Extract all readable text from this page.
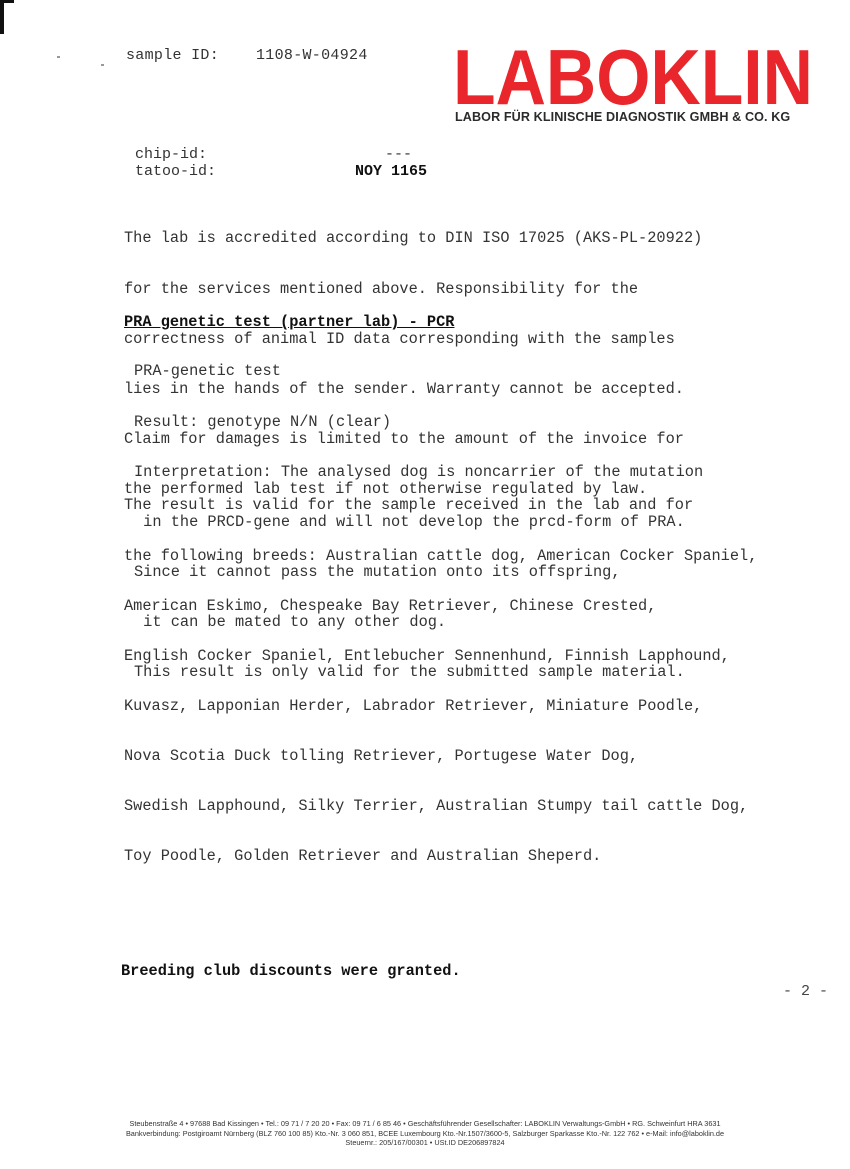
sample ID: 1108-W-04924 LABOKLIN
LABOR FÜR KLINISCHE DIAGNOSTIK GMBH & CO. KG
chip-id:	---
tatoo-id:	NOY 1165

The lab is accredited according to DIN ISO 17025 (AKS-PL-20922)

for the services mentioned above. Responsibility for the

correctness of animal ID data corresponding with the samples

lies in the hands of the sender. Warranty cannot be accepted.

Claim for damages is limited to the amount of the invoice for

the performed lab test if not otherwise regulated by law.

PRA genetic test (partner lab) - PCR

PRA-genetic test

Result: genotype N/N (clear)

Interpretation: The analysed dog is noncarrier of the mutation

in the PRCD-gene and will not develop the prcd-form of PRA.

Since it cannot pass the mutation onto its offspring,

it can be mated to any other dog.

This result is only valid for the submitted sample material.

The result is valid for the sample received in the lab and for

the following breeds: Australian cattle dog, American Cocker Spaniel,

American Eskimo, Chespeake Bay Retriever, Chinese Crested,

English Cocker Spaniel, Entlebucher Sennenhund, Finnish Lapphound,

Kuvasz, Lapponian Herder, Labrador Retriever, Miniature Poodle,

Nova Scotia Duck tolling Retriever, Portugese Water Dog,

Swedish Lapphound, Silky Terrier, Australian Stumpy tail cattle Dog,

Toy Poodle, Golden Retriever and Australian Sheperd.

Breeding club discounts were granted.
- 2 -
Steubenstraße 4 • 97688 Bad Kissingen • Tel.: 09 71 / 7 20 20 • Fax: 09 71 / 6 85 46 • Geschäftsführender Gesellschafter: LABOKLIN Verwaltungs-GmbH • RG. Schweinfurt HRA 3631
Bankverbindung: Postgiroamt Nürnberg (BLZ 760 100 85) Kto.-Nr. 3 060 851, BCEE Luxembourg Kto.-Nr.1507/3600-5, Salzburger Sparkasse Kto.-Nr. 122 762 • e-Mail: info@laboklin.de
Steuernr.: 205/167/00301 • USt.ID DE206897824
